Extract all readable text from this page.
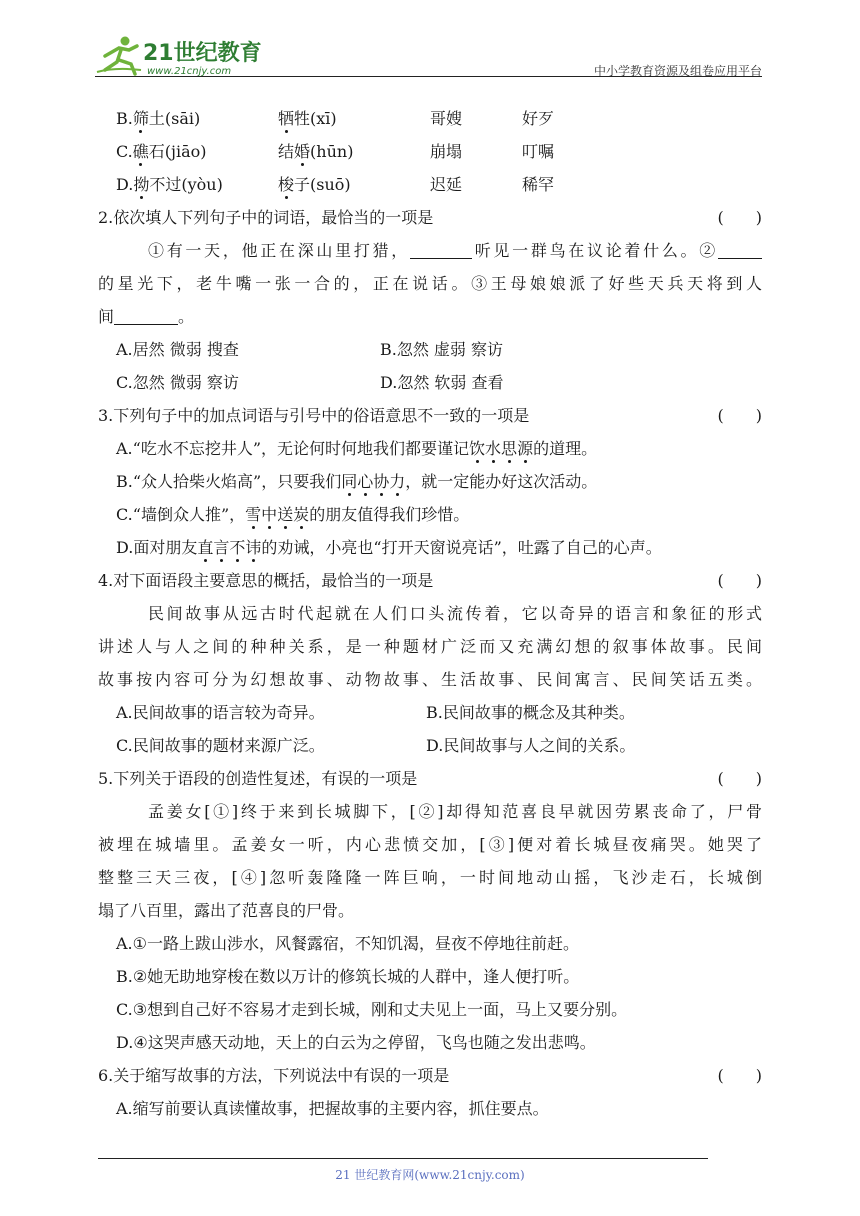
21世纪教育
www.21cnjy.com	中小学教育资源及组卷应用平台
B.筛土(sāi)	牺牲(xī)	哥嫂	好歹
C.礁石(jiāo)	结婚(hūn)	崩塌	叮嘱
D.拗不过(yòu)	梭子(suō)	迟延	稀罕
2.依次填人下列句子中的词语，最恰当的一项是	(　　)
①有一天，他正在深山里打猎，	听见一群鸟在议论着什么。②
的星光下，老牛嘴一张一合的，正在说话。③王母娘娘派了好些天兵天将到人
间	。
A.居然 微弱 搜查	B.忽然 虚弱 察访
C.忽然 微弱 察访	D.忽然 软弱 查看
3.下列句子中的加点词语与引号中的俗语意思不一致的一项是	(　　)
A.“吃水不忘挖井人”，无论何时何地我们都要谨记饮水思源的道理。
B.“众人拾柴火焰高”，只要我们同心协力，就一定能办好这次活动。
C.“墙倒众人推”，雪中送炭的朋友值得我们珍惜。
D.面对朋友直言不讳的劝诫，小亮也“打开天窗说亮话”，吐露了自己的心声。
4.对下面语段主要意思的概括，最恰当的一项是	(　　)
民间故事从远古时代起就在人们口头流传着，它以奇异的语言和象征的形式
讲述人与人之间的种种关系，是一种题材广泛而又充满幻想的叙事体故事。民间
故事按内容可分为幻想故事、动物故事、生活故事、民间寓言、民间笑话五类。
A.民间故事的语言较为奇异。	B.民间故事的概念及其种类。
C.民间故事的题材来源广泛。	D.民间故事与人之间的关系。
5.下列关于语段的创造性复述，有误的一项是	(　　)
孟姜女[①]终于来到长城脚下，[②]却得知范喜良早就因劳累丧命了，尸骨
被埋在城墙里。孟姜女一听，内心悲愤交加，[③]便对着长城昼夜痛哭。她哭了
整整三天三夜，[④]忽听轰隆隆一阵巨响，一时间地动山摇，飞沙走石，长城倒
塌了八百里，露出了范喜良的尸骨。
A.①一路上跋山涉水，风餐露宿，不知饥渴，昼夜不停地往前赶。
B.②她无助地穿梭在数以万计的修筑长城的人群中，逢人便打听。
C.③想到自己好不容易才走到长城，刚和丈夫见上一面，马上又要分别。
D.④这哭声感天动地，天上的白云为之停留，飞鸟也随之发出悲鸣。
6.关于缩写故事的方法，下列说法中有误的一项是	(　　)
A.缩写前要认真读懂故事，把握故事的主要内容，抓住要点。
21 世纪教育网(www.21cnjy.com)
